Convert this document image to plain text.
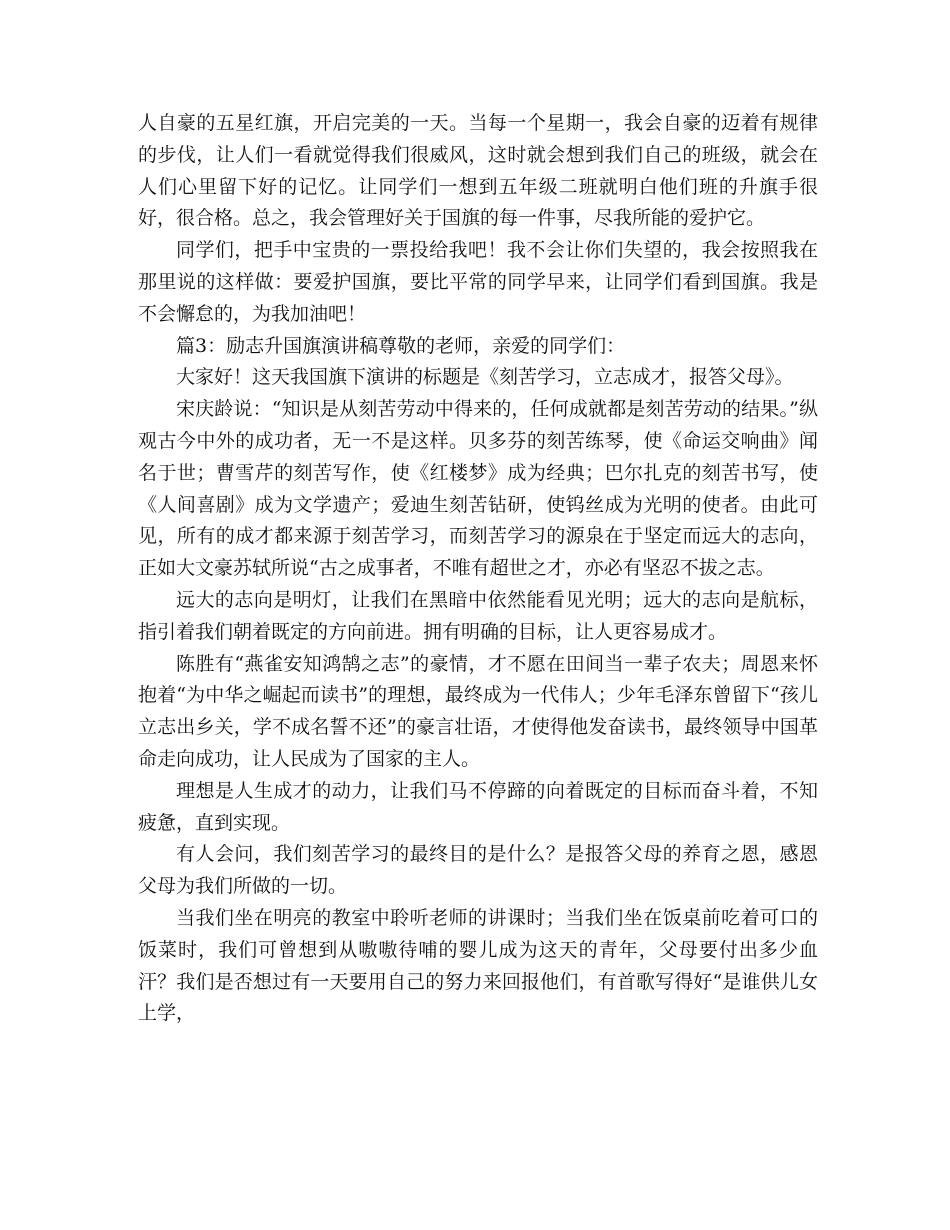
人自豪的五星红旗，开启完美的一天。当每一个星期一，我会自豪的迈着有规律的步伐，让人们一看就觉得我们很威风，这时就会想到我们自己的班级，就会在人们心里留下好的记忆。让同学们一想到五年级二班就明白他们班的升旗手很好，很合格。总之，我会管理好关于国旗的每一件事，尽我所能的爱护它。

同学们，把手中宝贵的一票投给我吧！我不会让你们失望的，我会按照我在那里说的这样做：要爱护国旗，要比平常的同学早来，让同学们看到国旗。我是不会懈怠的，为我加油吧！

篇3：励志升国旗演讲稿尊敬的老师，亲爱的同学们：

大家好！这天我国旗下演讲的标题是《刻苦学习，立志成才，报答父母》。

宋庆龄说：“知识是从刻苦劳动中得来的，任何成就都是刻苦劳动的结果。”纵观古今中外的成功者，无一不是这样。贝多芬的刻苦练琴，使《命运交响曲》闻名于世；曹雪芹的刻苦写作，使《红楼梦》成为经典；巴尔扎克的刻苦书写，使《人间喜剧》成为文学遗产；爱迪生刻苦钻研，使钨丝成为光明的使者。由此可见，所有的成才都来源于刻苦学习，而刻苦学习的源泉在于坚定而远大的志向，正如大文豪苏轼所说“古之成事者，不唯有超世之才，亦必有坚忍不拔之志。

远大的志向是明灯，让我们在黑暗中依然能看见光明；远大的志向是航标，指引着我们朝着既定的方向前进。拥有明确的目标，让人更容易成才。

陈胜有“燕雀安知鸿鹄之志”的豪情，才不愿在田间当一辈子农夫；周恩来怀抱着“为中华之崛起而读书”的理想，最终成为一代伟人；少年毛泽东曾留下“孩儿立志出乡关，学不成名誓不还”的豪言壮语，才使得他发奋读书，最终领导中国革命走向成功，让人民成为了国家的主人。

理想是人生成才的动力，让我们马不停蹄的向着既定的目标而奋斗着，不知疲惫，直到实现。

有人会问，我们刻苦学习的最终目的是什么？是报答父母的养育之恩，感恩父母为我们所做的一切。

当我们坐在明亮的教室中聆听老师的讲课时；当我们坐在饭桌前吃着可口的饭菜时，我们可曾想到从嗷嗷待哺的婴儿成为这天的青年，父母要付出多少血汗？我们是否想过有一天要用自己的努力来回报他们，有首歌写得好“是谁供儿女上学，
